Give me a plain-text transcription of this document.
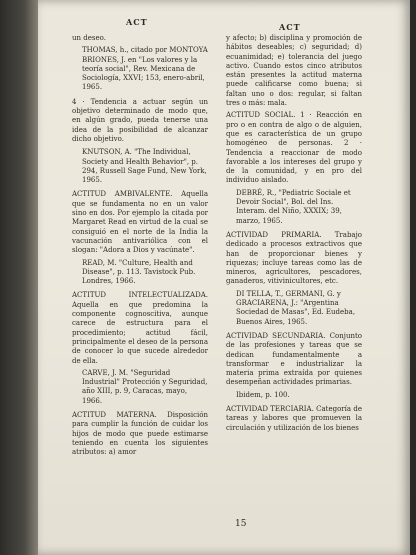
ACT	ACT

un deseo.

THOMAS, h., citado por MONTOYA BRIONES, J. en "Los valores y la teoría social", Rev. Mexicana de Sociología, XXVI; 153, enero-abril, 1965.

4 · Tendencia a actuar según un objetivo determinado de modo que, en algún grado, pueda tenerse una idea de la posibilidad de alcanzar dicho objetivo.

KNUTSON, A. "The Individual, Society and Health Behavior", p. 294, Russell Sage Fund, New York, 1965.

ACTITUD AMBIVALENTE. Aquella que se fundamenta no en un valor sino en dos. Por ejemplo la citada por Margaret Read en virtud de la cual se consiguió en el norte de la India la vacunación antivariólica con el slogan: "Adora a Dios y vacúnate".

READ, M. "Culture, Health and Disease", p. 113. Tavistock Pub. Londres, 1966.

ACTITUD INTELECTUALIZADA. Aquella en que predomina la componente cognoscitiva, aunque carece de estructura para el procedimiento; actitud fácil, principalmente el deseo de la persona de conocer lo que sucede alrededor de ella.

CARVE, J. M. "Seguridad Industrial" Protección y Seguridad, año XIII, p. 9, Caracas, mayo, 1966.

ACTITUD MATERNA. Disposición para cumplir la función de cuidar los hijos de modo que puede estimarse teniendo en cuenta los siguientes atributos: a) amor

y afecto; b) disciplina y promoción de hábitos deseables; c) seguridad; d) ecuanimidad; e) tolerancia del juego activo. Cuando estos cinco atributos están presentes la actitud materna puede calificarse como buena; si faltan uno o dos: regular, si faltan tres o más: mala.

ACTITUD SOCIAL. 1 · Reacción en pro o en contra de algo o de alguien, que es característica de un grupo homogéneo de personas. 2 · Tendencia a reaccionar de modo favorable a los intereses del grupo y de la comunidad, y en pro del individuo aislado.

DEBRÉ, R., "Pediatric Sociale et Devoir Social", Bol. del Ins. Interam. del Niño, XXXIX; 39, marzo, 1965.

ACTIVIDAD PRIMARIA. Trabajo dedicado a procesos extractivos que han de proporcionar bienes y riquezas; incluye tareas como las de mineros, agricultores, pescadores, ganaderos, vitivinicultores, etc.

DI TELLA, T., GERMANI, G. y GRACIARENA, J.: "Argentina Sociedad de Masas", Ed. Eudeba, Buenos Aires, 1965.

ACTIVIDAD SECUNDARIA. Conjunto de las profesiones y tareas que se dedican fundamentalmente a transformar e industrializar la materia prima extraída por quienes desempeñan actividades primarias.

Ibidem, p. 100.

ACTIVIDAD TERCIARIA. Categoría de tareas y labores que promueven la circulación y utilización de los bienes

15
